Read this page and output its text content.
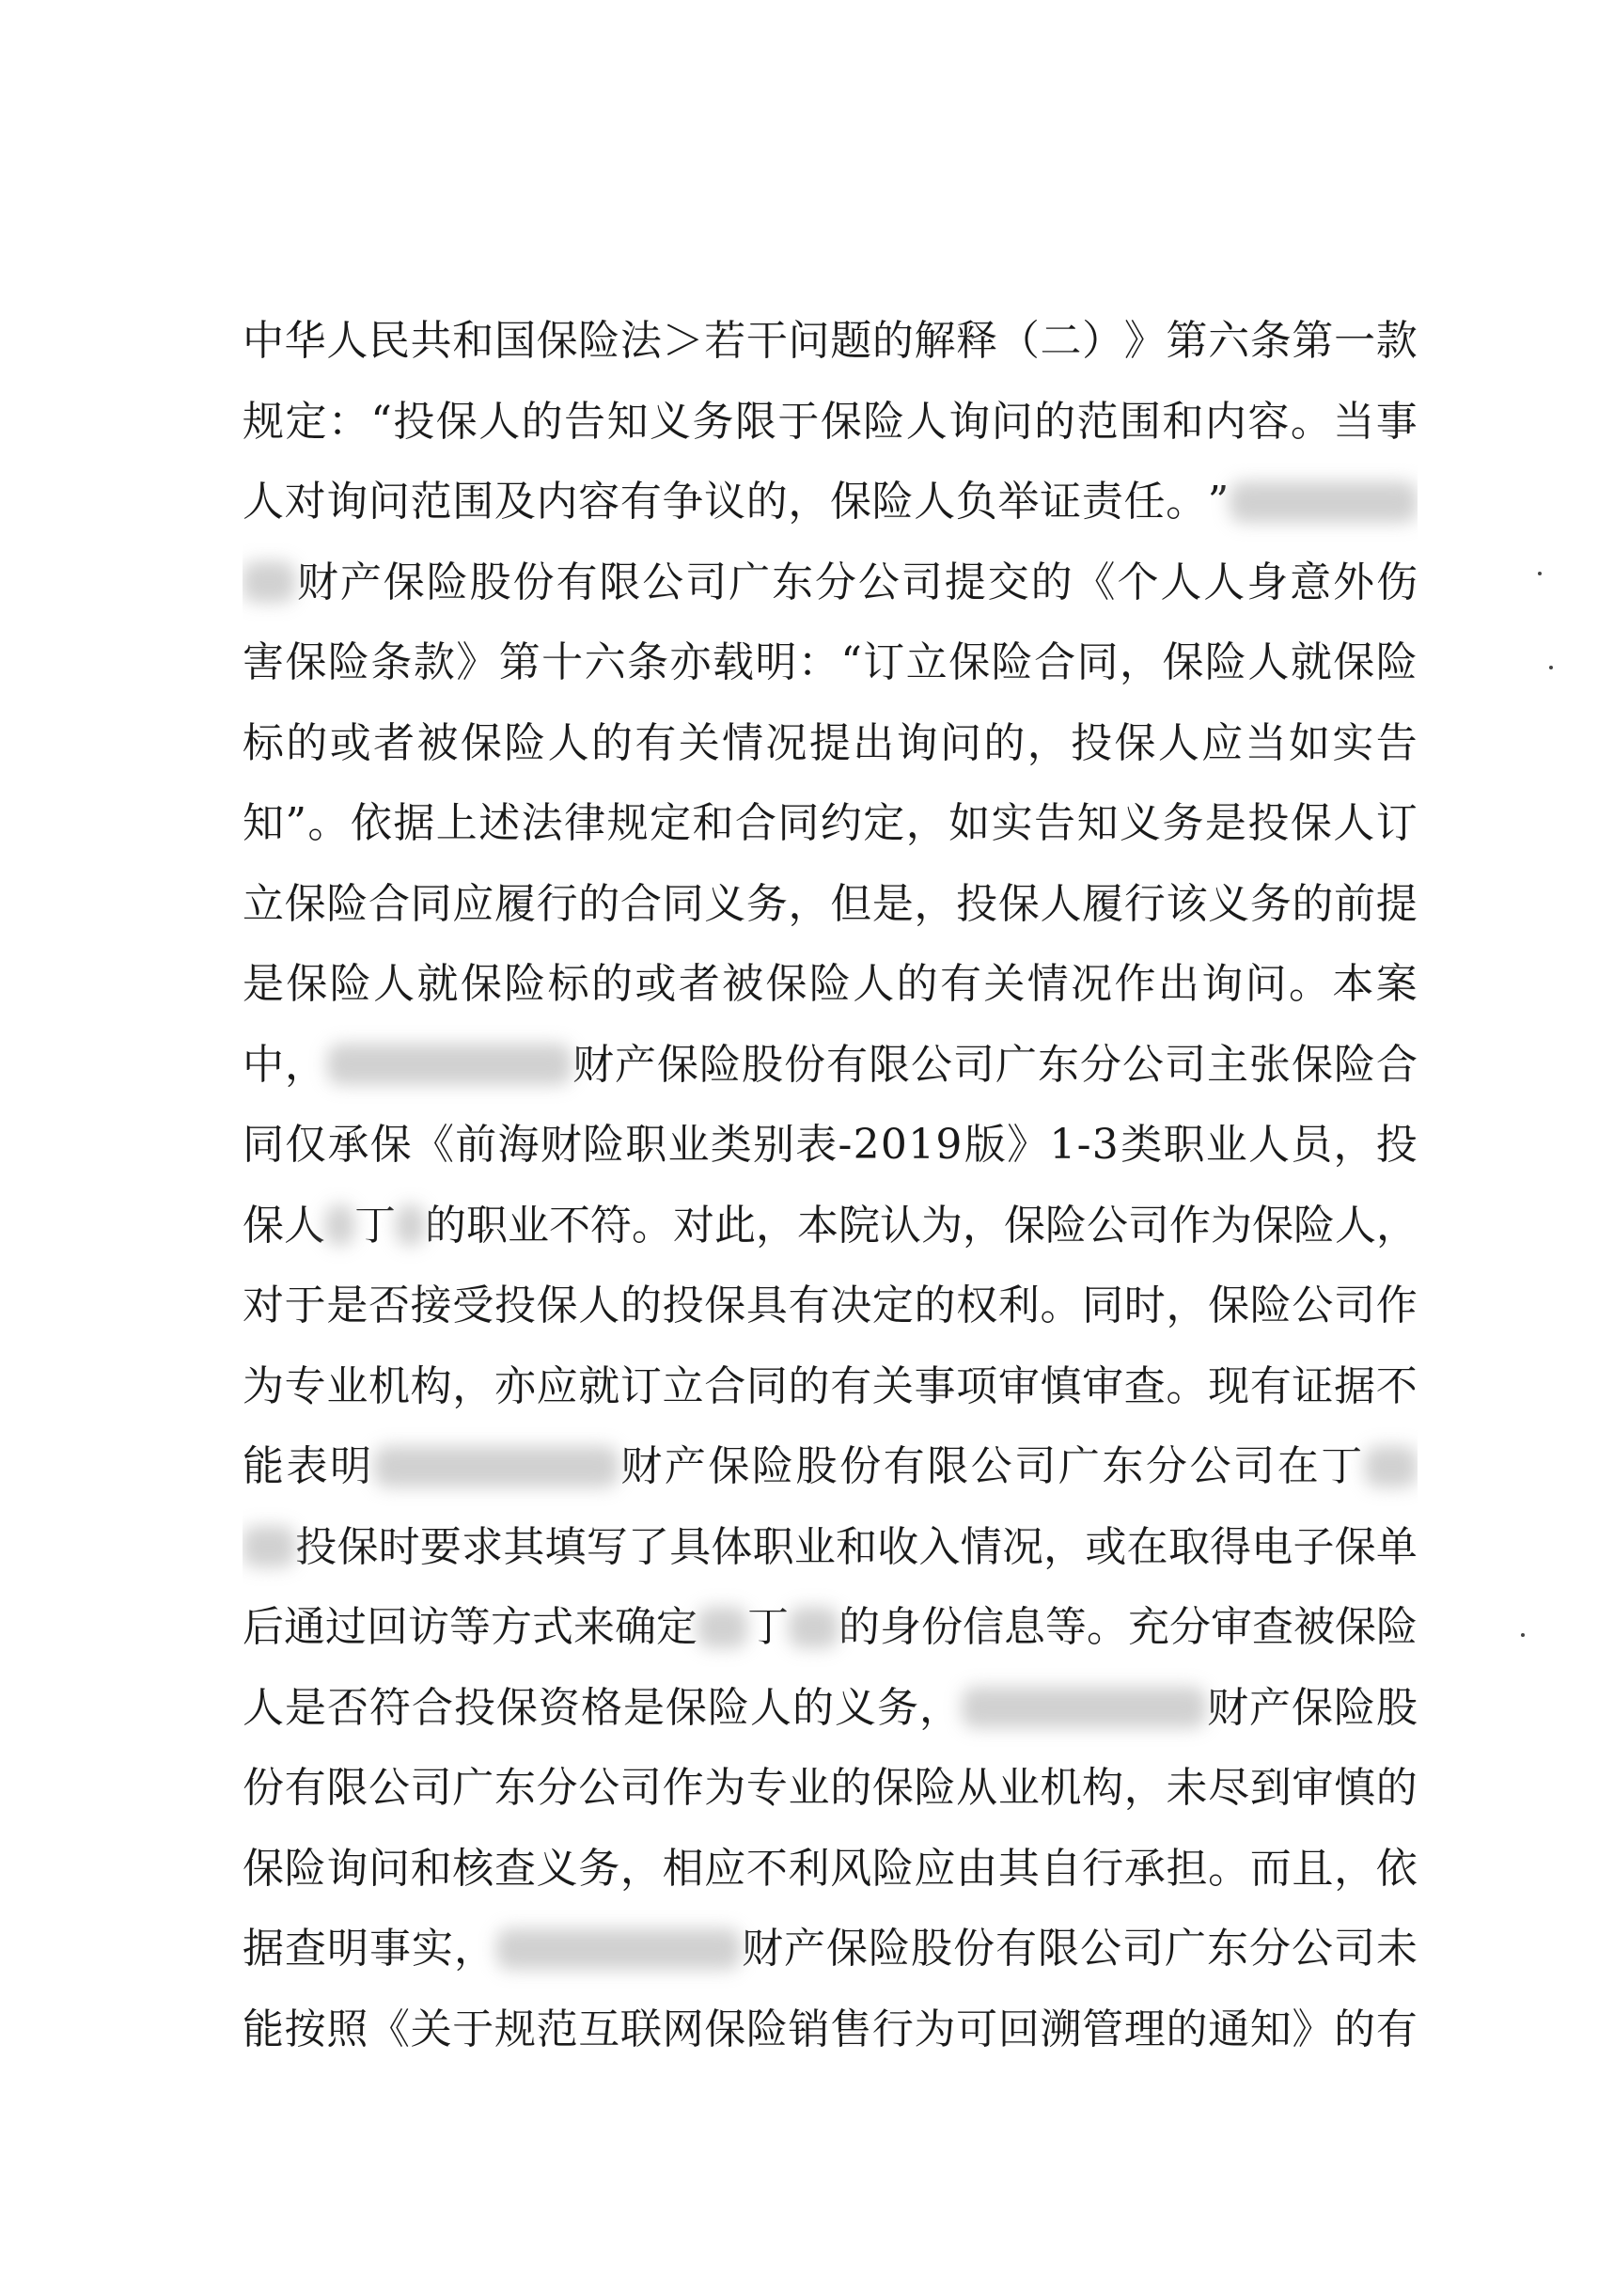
中 华 人 民 共 和 国 保 险 法 ＞ 若 干 问 题 的 解 释 （ 二 ） 》 第 六 条 第 一 款
规 定 ： “ 投 保 人 的 告 知 义 务 限 于 保 险 人 询 问 的 范 围 和 内 容 。 当 事
人 对 询 问 范 围 及 内 容 有 争 议 的 ， 保 险 人 负 举 证 责 任 。 ”
财 产 保 险 股 份 有 限 公 司 广 东 分 公 司 提 交 的 《 个 人 人 身 意 外 伤
害 保 险 条 款 》 第 十 六 条 亦 载 明 ： “ 订 立 保 险 合 同 ， 保 险 人 就 保 险
标 的 或 者 被 保 险 人 的 有 关 情 况 提 出 询 问 的 ， 投 保 人 应 当 如 实 告
知 ” 。 依 据 上 述 法 律 规 定 和 合 同 约 定 ， 如 实 告 知 义 务 是 投 保 人 订
立 保 险 合 同 应 履 行 的 合 同 义 务 ， 但 是 ， 投 保 人 履 行 该 义 务 的 前 提
是 保 险 人 就 保 险 标 的 或 者 被 保 险 人 的 有 关 情 况 作 出 询 问 。 本 案
中 ，	财 产 保 险 股 份 有 限 公 司 广 东 分 公 司 主 张 保 险 合
同 仅 承 保 《 前 海 财 险 职 业 类 别 表 - 2 0 1 9 版 》 1 - 3 类 职 业 人 员 ， 投
保 人 丁 的 职 业 不 符 。 对 此 ， 本 院 认 为 ， 保 险 公 司 作 为 保 险 人 ，
对 于 是 否 接 受 投 保 人 的 投 保 具 有 决 定 的 权 利 。 同 时 ， 保 险 公 司 作
为 专 业 机 构 ， 亦 应 就 订 立 合 同 的 有 关 事 项 审 慎 审 查 。 现 有 证 据 不
能 表 明	财 产 保 险 股 份 有 限 公 司 广 东 分 公 司 在 丁
投 保 时 要 求 其 填 写 了 具 体 职 业 和 收 入 情 况 ， 或 在 取 得 电 子 保 单
后 通 过 回 访 等 方 式 来 确 定 丁 的 身 份 信 息 等 。 充 分 审 查 被 保 险
人 是 否 符 合 投 保 资 格 是 保 险 人 的 义 务 ，	财 产 保 险 股
份 有 限 公 司 广 东 分 公 司 作 为 专 业 的 保 险 从 业 机 构 ， 未 尽 到 审 慎 的
保 险 询 问 和 核 查 义 务 ， 相 应 不 利 风 险 应 由 其 自 行 承 担 。 而 且 ， 依
据 查 明 事 实 ，	财 产 保 险 股 份 有 限 公 司 广 东 分 公 司 未
能 按 照 《 关 于 规 范 互 联 网 保 险 销 售 行 为 可 回 溯 管 理 的 通 知 》 的 有
